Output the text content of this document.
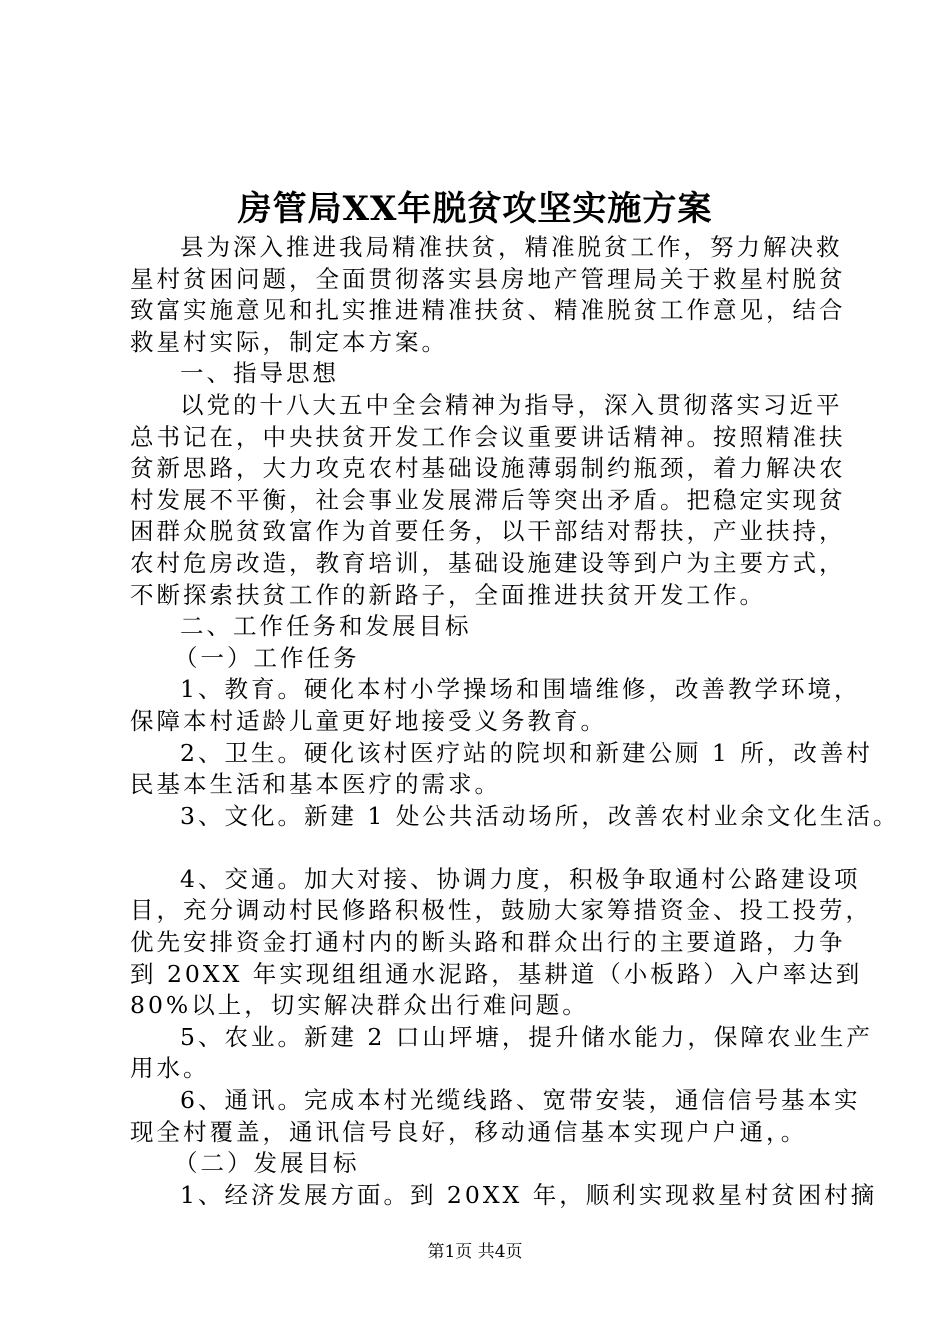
房管局XX年脱贫攻坚实施方案
县为深入推进我局精准扶贫，精准脱贫工作，努力解决救
星村贫困问题，全面贯彻落实县房地产管理局关于救星村脱贫
致富实施意见和扎实推进精准扶贫、精准脱贫工作意见，结合
救星村实际，制定本方案。
一、指导思想
以党的十八大五中全会精神为指导，深入贯彻落实习近平
总书记在，中央扶贫开发工作会议重要讲话精神。按照精准扶
贫新思路，大力攻克农村基础设施薄弱制约瓶颈，着力解决农
村发展不平衡，社会事业发展滞后等突出矛盾。把稳定实现贫
困群众脱贫致富作为首要任务，以干部结对帮扶，产业扶持，
农村危房改造，教育培训，基础设施建设等到户为主要方式，
不断探索扶贫工作的新路子，全面推进扶贫开发工作。
二、工作任务和发展目标
（一）工作任务
1、教育。硬化本村小学操场和围墙维修，改善教学环境，
保障本村适龄儿童更好地接受义务教育。
2、卫生。硬化该村医疗站的院坝和新建公厕 1 所，改善村
民基本生活和基本医疗的需求。
3、文化。新建 1 处公共活动场所，改善农村业余文化生活。
4、交通。加大对接、协调力度，积极争取通村公路建设项
目，充分调动村民修路积极性，鼓励大家筹措资金、投工投劳，
优先安排资金打通村内的断头路和群众出行的主要道路，力争
到 20XX 年实现组组通水泥路，基耕道（小板路）入户率达到
80%以上，切实解决群众出行难问题。
5、农业。新建 2 口山坪塘，提升储水能力，保障农业生产
用水。
6、通讯。完成本村光缆线路、宽带安装，通信信号基本实
现全村覆盖，通讯信号良好，移动通信基本实现户户通，。
（二）发展目标
1、经济发展方面。到 20XX 年，顺利实现救星村贫困村摘
第1页 共4页
